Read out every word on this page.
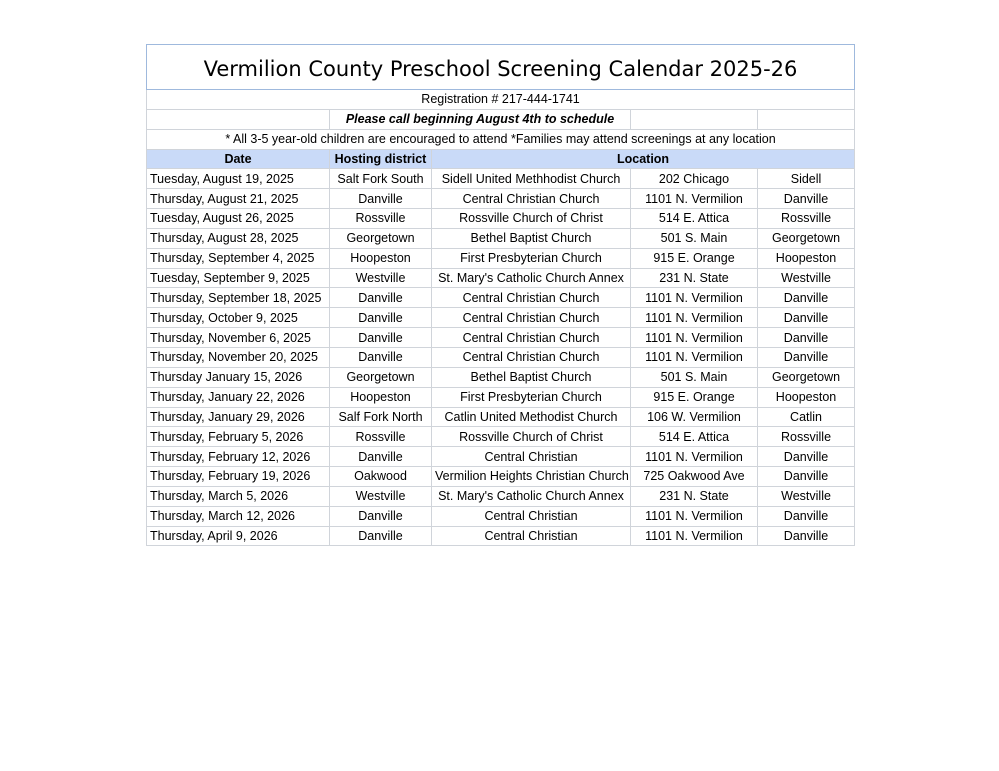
Vermilion County Preschool Screening Calendar 2025-26				
Registration # 217-444-1741				
	Please call beginning August 4th to schedule			
* All 3-5 year-old children are encouraged to attend *Families may attend screenings at any location				
Date	Hosting district	Location		
Tuesday, August 19, 2025	Salt Fork South	Sidell United Methhodist Church	202 Chicago	Sidell
Thursday, August 21, 2025	Danville	Central Christian Church	1101 N. Vermilion	Danville
Tuesday, August 26, 2025	Rossville	Rossville Church of Christ	514 E. Attica	Rossville
Thursday, August 28, 2025	Georgetown	Bethel Baptist Church	501 S. Main	Georgetown
Thursday, September 4, 2025	Hoopeston	First Presbyterian Church	915 E. Orange	Hoopeston
Tuesday, September 9, 2025	Westville	St. Mary's Catholic Church Annex	231 N. State	Westville
Thursday, September 18, 2025	Danville	Central Christian Church	1101 N. Vermilion	Danville
Thursday, October 9, 2025	Danville	Central Christian Church	1101 N. Vermilion	Danville
Thursday, November 6, 2025	Danville	Central Christian Church	1101 N. Vermilion	Danville
Thursday, November 20, 2025	Danville	Central Christian Church	1101 N. Vermilion	Danville
Thursday January 15, 2026	Georgetown	Bethel Baptist Church	501 S. Main	Georgetown
Thursday, January 22, 2026	Hoopeston	First Presbyterian Church	915 E. Orange	Hoopeston
Thursday, January 29, 2026	Salf Fork North	Catlin United Methodist Church	106 W. Vermilion	Catlin
Thursday, February 5, 2026	Rossville	Rossville Church of Christ	514 E. Attica	Rossville
Thursday, February 12, 2026	Danville	Central Christian	1101 N. Vermilion	Danville
Thursday, February 19, 2026	Oakwood	Vermilion Heights Christian Church	725 Oakwood Ave	Danville
Thursday, March 5, 2026	Westville	St. Mary's Catholic Church Annex	231 N. State	Westville
Thursday, March 12, 2026	Danville	Central Christian	1101 N. Vermilion	Danville
Thursday, April 9, 2026	Danville	Central Christian	1101 N. Vermilion	Danville
